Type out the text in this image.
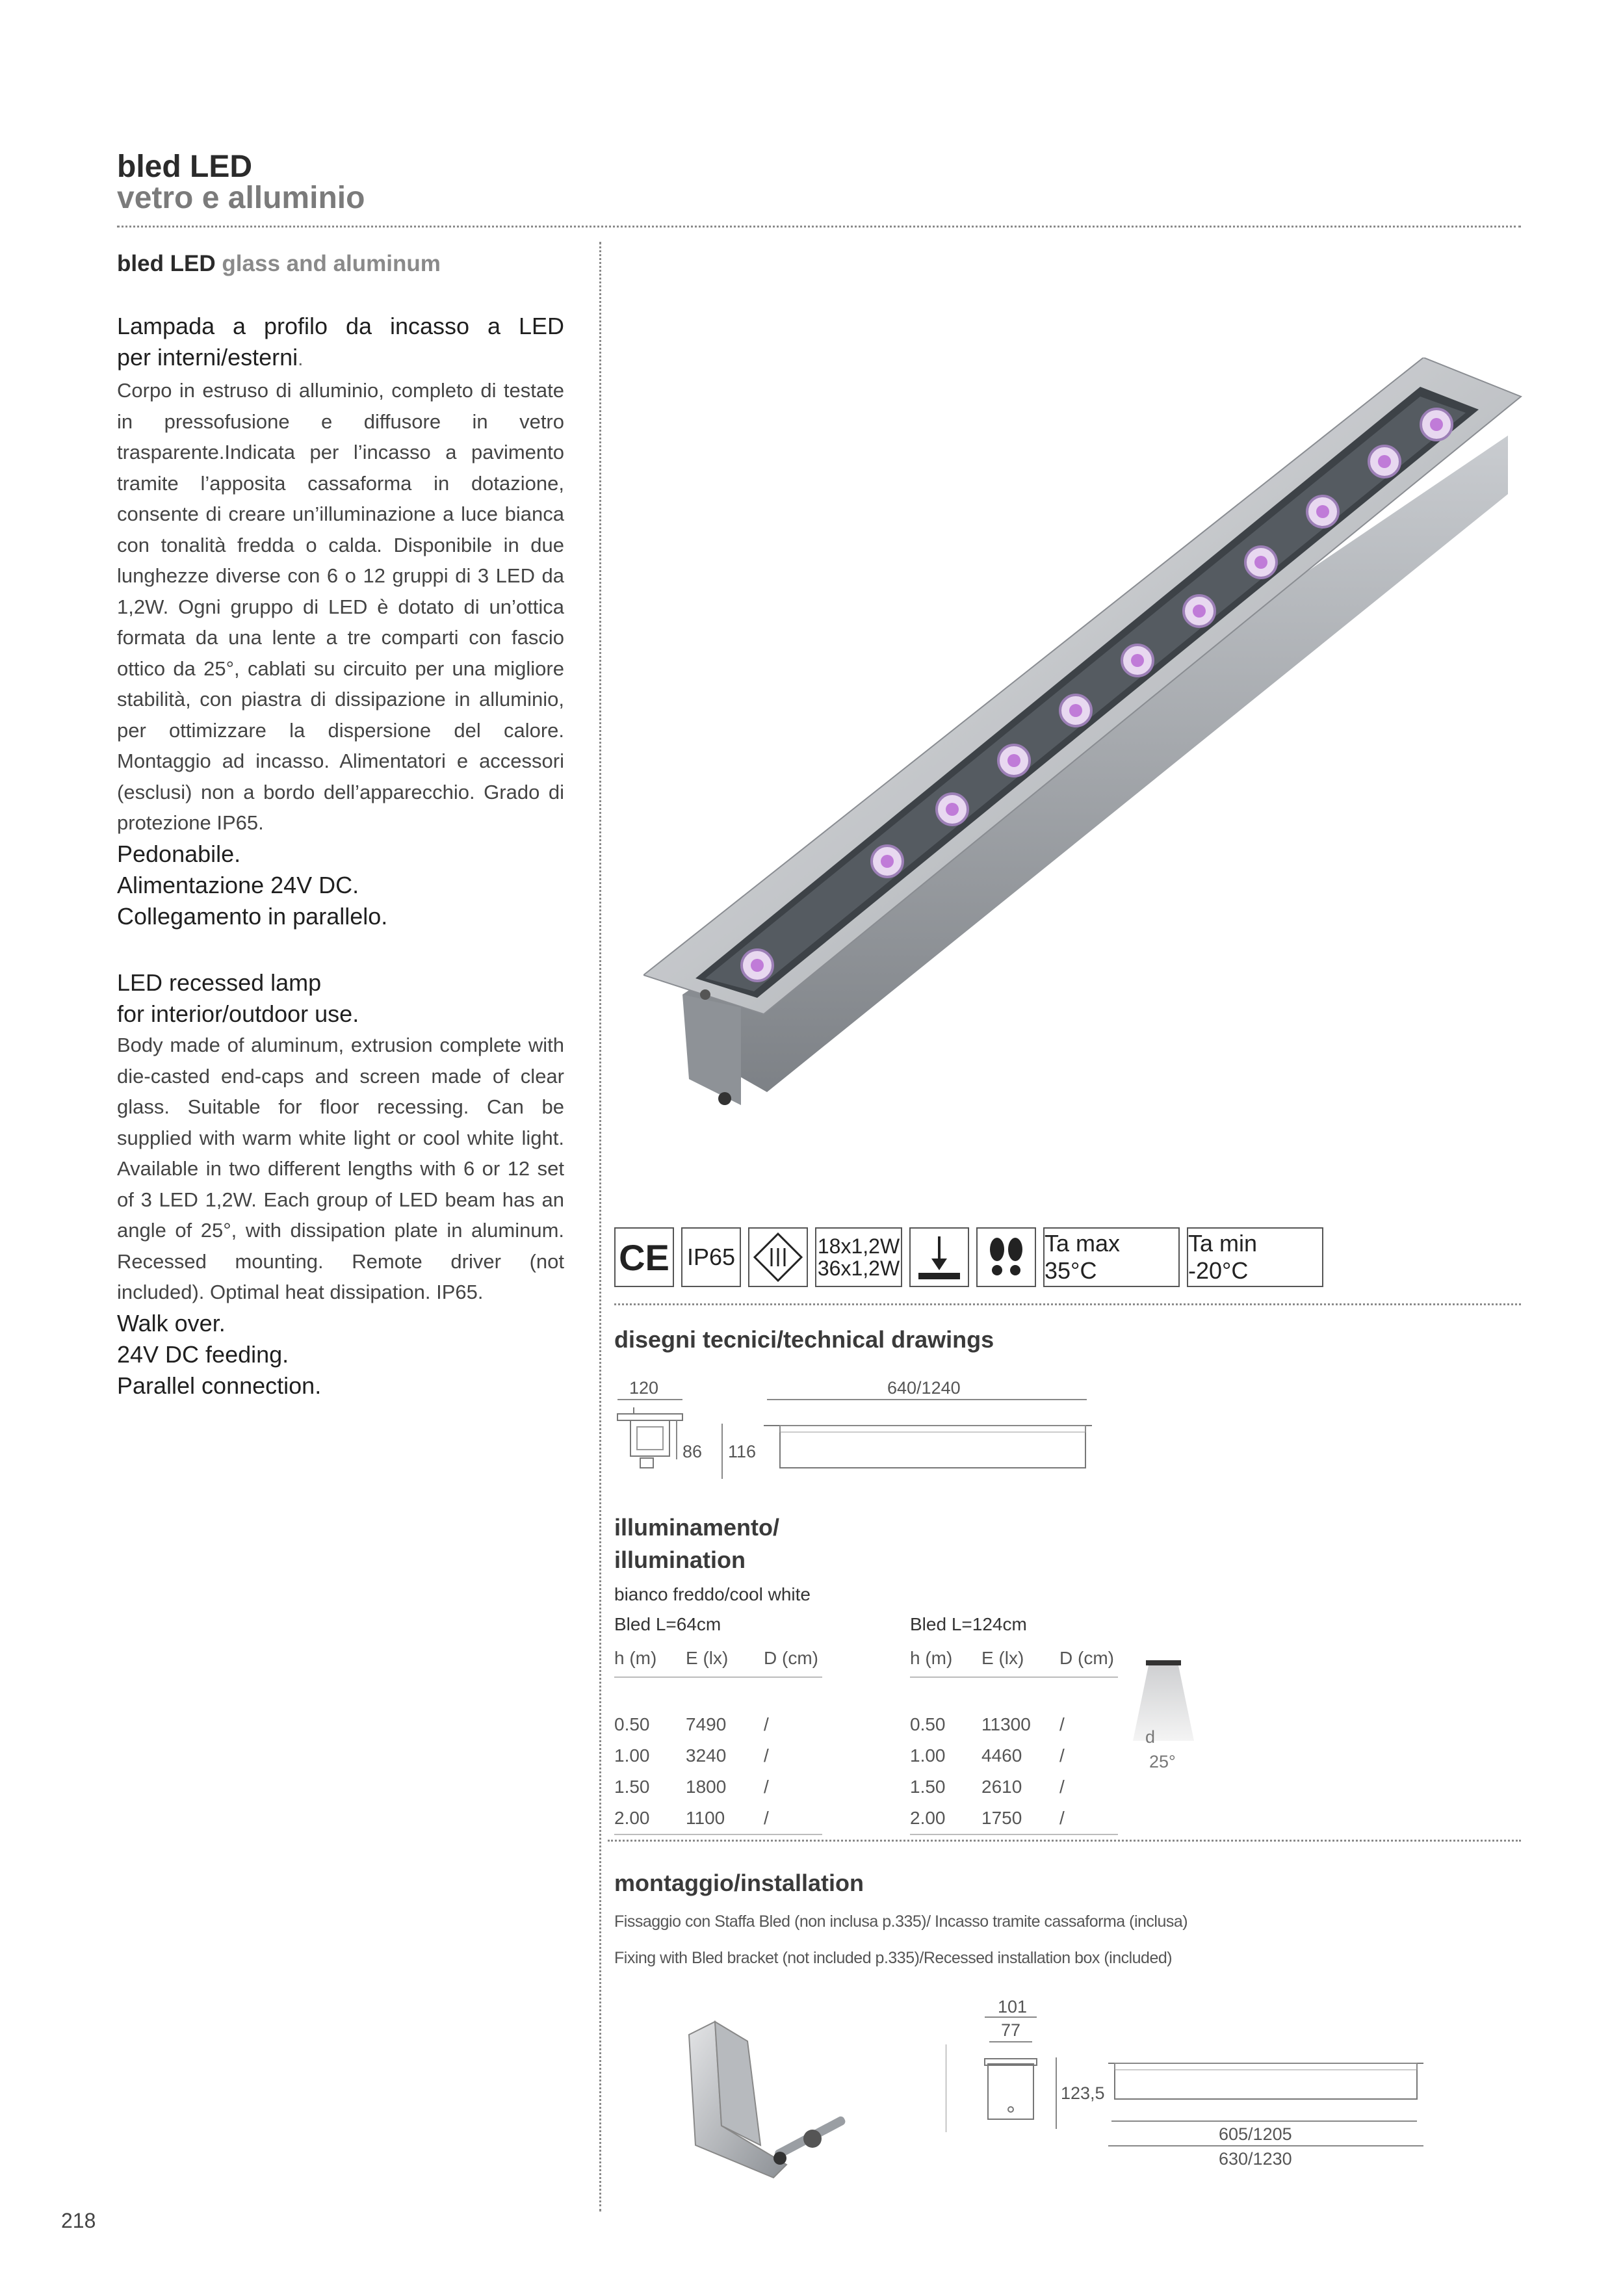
bled LED
vetro e alluminio
bled LED glass and aluminum
Lampada a profilo da incasso a LED
per interni/esterni.
Corpo in estruso di alluminio, completo di testate in pressofusione e diffusore in vetro trasparente.Indicata per l’incasso a pavimento tramite l’apposita cassaforma in dotazione, consente di creare un’illuminazione a luce bianca con tonalità fredda o calda. Disponibile in due lunghezze diverse con 6 o 12 gruppi di 3 LED da 1,2W. Ogni gruppo di LED è dotato di un’ottica formata da una lente a tre comparti con fascio ottico da 25°, cablati su circuito per una migliore stabilità, con piastra di dissipazione in alluminio, per ottimizzare la dispersione del calore. Montaggio ad incasso. Alimentatori e accessori (esclusi) non a bordo dell’apparecchio. Grado di protezione IP65.
Pedonabile.
Alimentazione 24V DC.
Collegamento in parallelo.
LED recessed lamp
for interior/outdoor use.
Body made of aluminum, extrusion complete with die-casted end-caps and screen made of clear glass. Suitable for floor recessing. Can be supplied with warm white light or cool white light. Available in two different lengths with 6 or 12 set of 3 LED 1,2W. Each group of LED beam has an angle of 25°, with dissipation plate in aluminum. Recessed mounting. Remote driver (not included). Optimal heat dissipation. IP65.
Walk over.
24V DC feeding.
Parallel connection.
CE IP65	18x1,2W
36x1,2W
Ta max 35°C
Ta min -20°C
disegni tecnici/technical drawings
120
86 116
640/1240
illuminamento/
illumination
bianco freddo/cool white
Bled L=64cm
h (m)	E (lx)	D (cm)

0.50	7490	/
1.00	3240	/
1.50	1800	/
2.00	1100	/
Bled L=124cm
h (m)	E (lx)	D (cm)

0.50	11300	/
1.00	4460	/
1.50	2610	/
2.00	1750	/
d
25°
montaggio/installation
Fissaggio con Staffa Bled (non inclusa p.335)/ Incasso tramite cassaforma (inclusa)
Fixing with Bled bracket (not included p.335)/Recessed installation box (included)
101
77
123,5
605/1205
630/1230
218
